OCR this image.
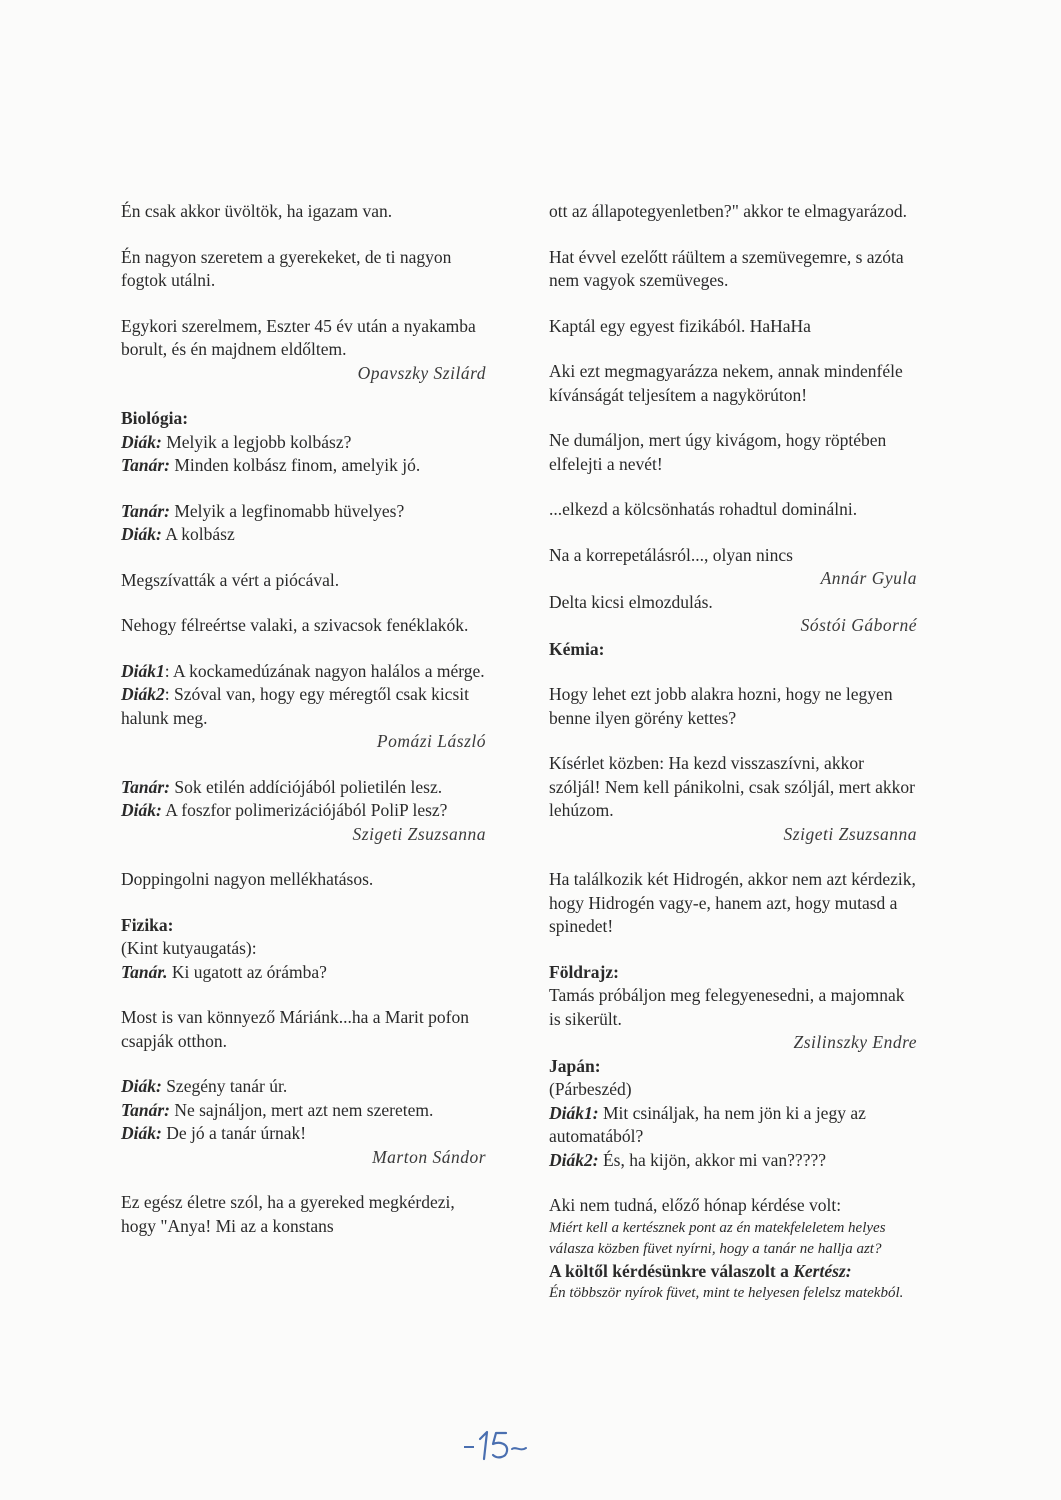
Én csak akkor üvöltök, ha igazam van.
Én nagyon szeretem a gyerekeket, de ti nagyon fogtok utálni.
Egykori szerelmem, Eszter 45 év után a nyakamba borult, és én majdnem eldőltem.
Opavszky Szilárd
Biológia:
Diák: Melyik a legjobb kolbász?
Tanár: Minden kolbász finom, amelyik jó.
Tanár: Melyik a legfinomabb hüvelyes?
Diák: A kolbász
Megszívatták a vért a piócával.
Nehogy félreértse valaki, a szivacsok fenéklakók.
Diák1: A kockamedúzának nagyon halálos a mérge.
Diák2: Szóval van, hogy egy méregtől csak kicsit halunk meg.
Pomázi László
Tanár: Sok etilén addíciójából polietilén lesz.
Diák: A foszfor polimerizációjából PoliP lesz?
Szigeti Zsuzsanna
Doppingolni nagyon mellékhatásos.
Fizika:
(Kint kutyaugatás):
Tanár. Ki ugatott az órámba?
Most is van könnyező Máriánk...ha a Marit pofon csapják otthon.
Diák: Szegény tanár úr.
Tanár: Ne sajnáljon, mert azt nem szeretem.
Diák: De jó a tanár úrnak!
Marton Sándor
Ez egész életre szól, ha a gyereked megkérdezi, hogy "Anya! Mi az a konstans
ott az állapotegyenletben?" akkor te elmagyarázod.
Hat évvel ezelőtt ráültem a szemüvegemre, s azóta nem vagyok szemüveges.
Kaptál egy egyest fizikából. HaHaHa
Aki ezt megmagyarázza nekem, annak mindenféle kívánságát teljesítem a nagykörúton!
Ne dumáljon, mert úgy kivágom, hogy röptében elfelejti a nevét!
...elkezd a kölcsönhatás rohadtul dominálni.
Na a korrepetálásról..., olyan nincs
Annár Gyula
Delta kicsi elmozdulás.
Sóstói Gáborné
Kémia:
Hogy lehet ezt jobb alakra hozni, hogy ne legyen benne ilyen görény kettes?
Kísérlet közben: Ha kezd visszaszívni, akkor szóljál! Nem kell pánikolni, csak szóljál, mert akkor lehúzom.
Szigeti Zsuzsanna
Ha találkozik két Hidrogén, akkor nem azt kérdezik, hogy Hidrogén vagy-e, hanem azt, hogy mutasd a spinedet!
Földrajz:
Tamás próbáljon meg felegyenesedni, a majomnak is sikerült.
Zsilinszky Endre
Japán:
(Párbeszéd)
Diák1: Mit csináljak, ha nem jön ki a jegy az automatából?
Diák2: És, ha kijön, akkor mi van?????
Aki nem tudná, előző hónap kérdése volt:
Miért kell a kertésznek pont az én matekfeleletem helyes válasza közben füvet nyírni, hogy a tanár ne hallja azt?
A költől kérdésünkre válaszolt a Kertész:
Én többször nyírok füvet, mint te helyesen felelsz matekból.
